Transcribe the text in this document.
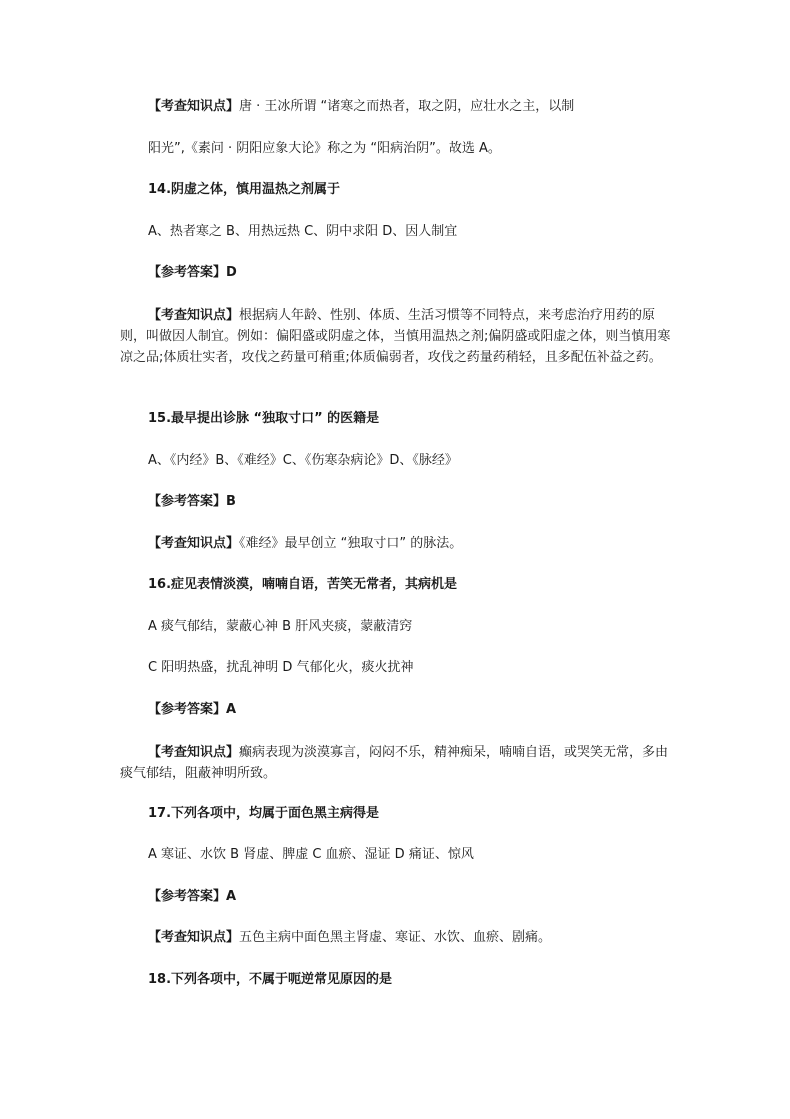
【考查知识点】唐 · 王冰所谓 “诸寒之而热者，取之阴，应壮水之主，以制
阳光”,《素问 · 阴阳应象大论》称之为 “阳病治阴”。故选 A。
14.阴虚之体，慎用温热之剂属于
A、热者寒之 B、用热远热 C、阴中求阳 D、因人制宜
【参考答案】D
【考查知识点】根据病人年龄、性别、体质、生活习惯等不同特点，来考虑治疗用药的原则，叫做因人制宜。例如：偏阳盛或阴虚之体，当慎用温热之剂;偏阴盛或阳虚之体，则当慎用寒凉之品;体质壮实者，攻伐之药量可稍重;体质偏弱者，攻伐之药量药稍轻，且多配伍补益之药。
15.最早提出诊脉 “独取寸口” 的医籍是
A、《内经》B、《难经》C、《伤寒杂病论》D、《脉经》
【参考答案】B
【考查知识点】《难经》最早创立 “独取寸口” 的脉法。
16.症见表情淡漠，喃喃自语，苦笑无常者，其病机是
A 痰气郁结，蒙蔽心神 B 肝风夹痰，蒙蔽清窍
C 阳明热盛，扰乱神明 D 气郁化火，痰火扰神
【参考答案】A
【考查知识点】癫病表现为淡漠寡言，闷闷不乐，精神痴呆，喃喃自语，或哭笑无常，多由痰气郁结，阻蔽神明所致。
17.下列各项中，均属于面色黑主病得是
A 寒证、水饮 B 肾虚、脾虚 C 血瘀、湿证 D 痛证、惊风
【参考答案】A
【考查知识点】五色主病中面色黑主肾虚、寒证、水饮、血瘀、剧痛。
18.下列各项中，不属于呃逆常见原因的是
